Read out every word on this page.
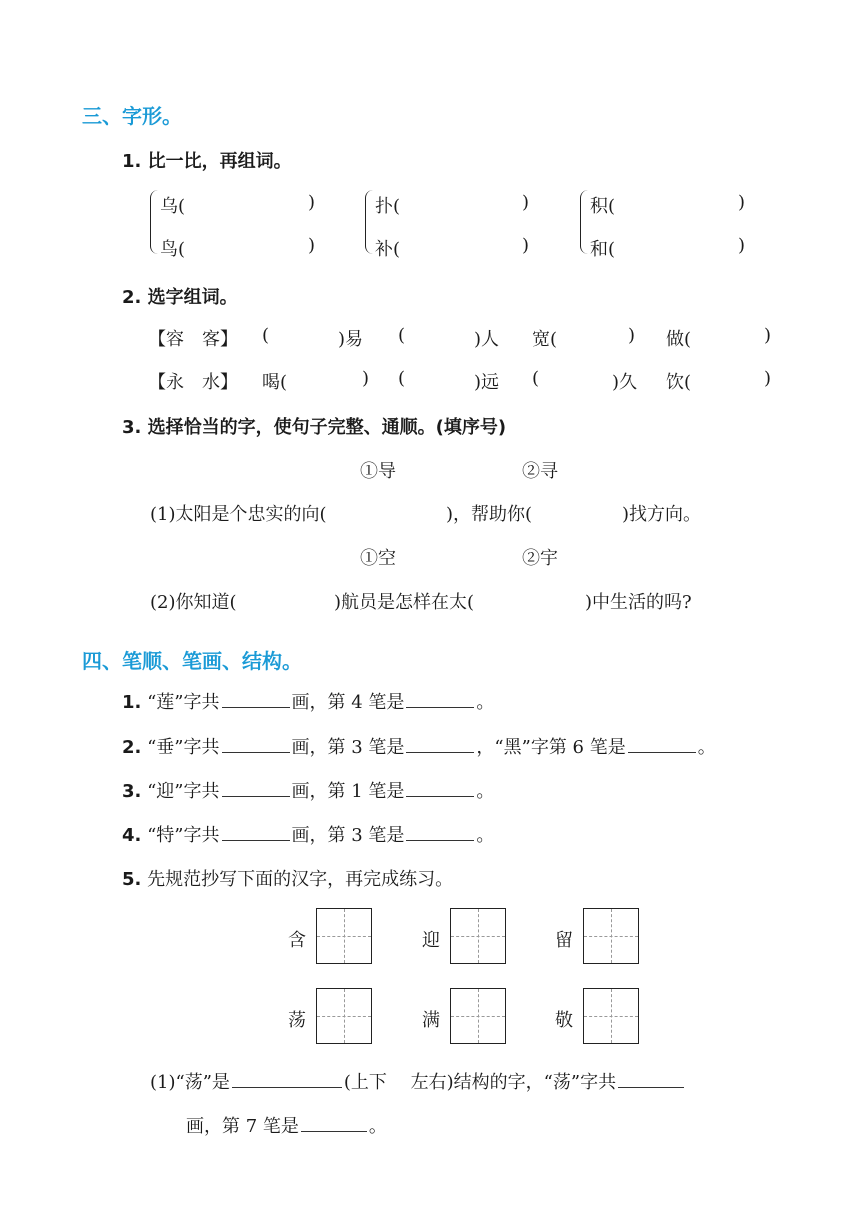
三、字形。
1. 比一比，再组词。
乌(	)
鸟(	)
扑(	)
补(	)
积(	)
和(	)
2. 选字组词。
【容　客】 (	)易 (	)人 宽(	) 做(	)
【永　水】 喝(	) (	)远 (	)久 饮(	)
3. 选择恰当的字，使句子完整、通顺。(填序号)
①导	②寻
(1)太阳是个忠实的向(	)，帮助你(	)找方向。
①空	②宇
(2)你知道(	)航员是怎样在太(	)中生活的吗?
四、笔顺、笔画、结构。
1. “莲”字共	画，第 4 笔是	。
2. “垂”字共	画，第 3 笔是	，“黑”字第 6 笔是	。
3. “迎”字共	画，第 1 笔是	。
4. “特”字共	画，第 3 笔是	。
5. 先规范抄写下面的汉字，再完成练习。
含	迎	留
荡	满	敬
(1)“荡”是	(上下　 左右)结构的字，“荡”字共
画，第 7 笔是	。
